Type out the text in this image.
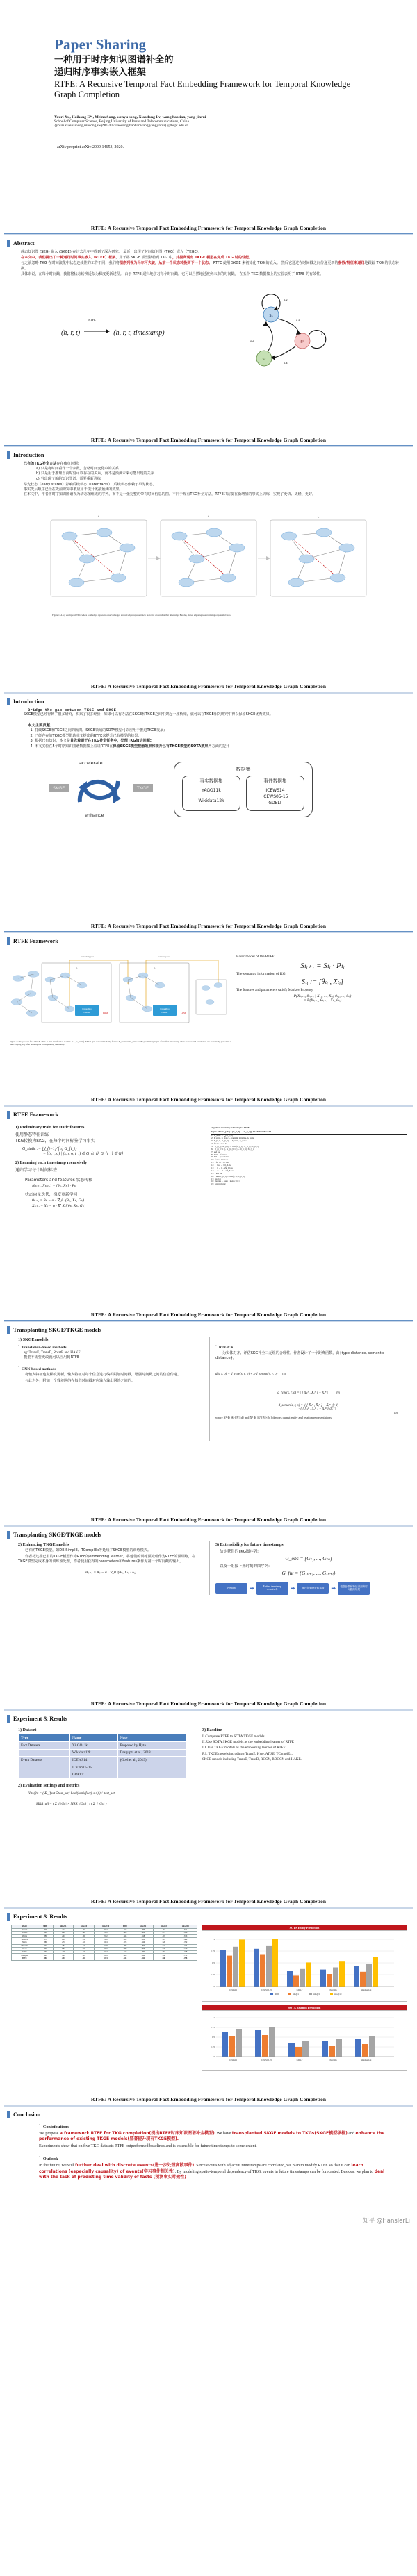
Paper Sharing
一种用于时序知识图谱补全的
递归时序事实嵌入框架
RTFE: A Recursive Temporal Fact Embedding Framework for Temporal Knowledge Graph Completion
Youri Xu, Haihong E* , Meina Song, wenyu song, Xiaodong Lv, wang haotian, yang jinrui
School of Computer Science, Beijing University of Posts and Telecommunications, China
{youri.xu,ehaihong,mnsong,swy9834,lvxiaodong,haotianwang,yangjinrui} @bupt.edu.cn
arXiv preprint arXiv:2009.14653, 2020.
RTFE: A Recursive Temporal Fact Embedding Framework for Temporal Knowledge Graph Completion
Abstract

静态知识图 (SKG) 嵌入 (SKGE) 在过去几年中得到了深入研究。 最近，出现了时间知识图（TKG）嵌入（TKGE）。

在本文中，我们提出了一种递归时间事实嵌入（RTFE）框架，用于将 SKGE 模型移植到 TKG 中，并提高现有 TKGE 模型在完成 TKG 时的性能。

与之前忽略 TKG 在时间演化中状态连续性的工作不同，我们将图序列视为马尔可夫链，从前一个状态转换到下一个状态。 RTFE 使用 SKGE 来初始化 TKG 的嵌入。 然后它通过在时间戳之间传递更新的参数/特征来递归地跟踪 TKG 的状态转换。

具体来说，在每个时间戳，我们将状态转换近似为梯度更新过程。 由于 RTFE 递归地学习每个时间戳，它可以自然地过渡到未来的时间戳。 在五个 TKG 数据集上的实验表明了 RTFE 的有效性。

(h, r, t)
RTFE
(h, r, t, timestamp)
Sₐ
Sᵇ
Sᶜ
0.2
0.8
0.6
0.4
0.3
RTFE: A Recursive Temporal Fact Embedding Framework for Temporal Knowledge Graph Completion
Introduction

已有的TKG补全方法存在痛点问题:

a) 只是将时间看作一个参数，忽略时间变化中的关系
b) 只是用于推理当前时刻可以存在的关系，而不是预测未来可能出现的关系
c) 当出现了新的知识图谱，需要重新训练

早先状态（early states）影响后续状态（later facts），后续状态依赖于早先状态。

事实先后顺序已经在先前研究中被应用于提升链接预测的效果。

在本文中，作者将时序知识图谱视为动态图组成的序列，而不是一张完整的带有时间信息的图。不同于现有TKG补全方法，RTFE只需要在新增加的事实上训练，实现了更快、更轻、更好。

t₁	t₂	t₃
Figure 1: A toy example of TKG where solid edges represent observed edges and red edges represent new facts that occurred at that timestamp. Besides, dotted edges represent missing or potential facts.
RTFE: A Recursive Temporal Fact Embedding Framework for Temporal Knowledge Graph Completion
Introduction
· Bridge the gap between TKGE and SKGE

SKGE模型已经得到了很多研究，积累了很多经验，如果可以有办法在SKGE和TKGE之间中架起一座桥梁，就可以在TKGE相关研究中得以保留SKGE优秀效果。

· 本文主要贡献
1. 打破SKGE和TKGE之间的隔阂，SKGE领域的SOTA模型可以应用于推进TKGE发展;
2. 已经存在的TKGE模型借助本文提出的RTFE来提升已有模型的效果;
3. 根据已有知识，本文是首先着眼于在TKG补全任务中，处理TKG演进问题;
4. 本文实验在5个时序知识图谱数据集上验证RTFE在保留SKGE模型接触效果和提升已有TKGE模型的SOTA效果两方面的提升
accelerate
SKGE	TKGE
enhance
数据集
事实数据集
YAGO11k
Wikidata12k
事件数据集
ICEWS14
ICEWS05-15
GDELT
RTFE: A Recursive Temporal Fact Embedding Framework for Temporal Knowledge Graph Completion
RTFE Framework
recursively pass	recursively pass
t₁	t₂
Embedding
Learner	LOSS
Embedding
Learner	LOSS
Figure 2: The process for t-SKGE. TKG is first transformed to SKG (i.e., G_static). SKGE gets static embedding feature X_static and θ_static as the preliminary input of the first timestamp. Then features and parameters are recursively passed in a time-varying way after learning the corresponding timestamp.
Basic model of the RTFE:
Sₜᵢ₊₁ = Sₜᵢ · Pₜᵢ
The semantic information of KG:
Sₜᵢ := [θₜᵢ , Xₜᵢ]
The features and parameters satisfy Markov Property
P(Xₜᵢ₊₁, θₜᵢ₊₁ | Xₜ₁, ..., Xₜᵢ; θₜ₁, ..., θₜᵢ)
= P(Xₜᵢ₊₁, θₜᵢ₊₁ | Xₜᵢ, θₜᵢ)
RTFE: A Recursive Temporal Fact Embedding Framework for Temporal Knowledge Graph Completion
RTFE Framework
1) Preliminary train for static features
使用静态特征训练
TKG转换为SKG，在每个时间标签学习事实
G_static := ⋃_{i=1}^{n} G_{t_i}
= {(s, r, o) | (s, r, o, t_i) ∈ G_{t_i}, G_{t_i} ∈ G}
2) Learning each timestamp recursively
递归学习每个时间标签
Parameters and features 状态转移
[θₜᵢ₊₁, Xₜᵢ₊₁] = [θₜᵢ, Xₜᵢ] · Pₜᵢ
状态向量迭代，梯度更新学习
θₜᵢ₊₁ = θₜᵢ − α · ∇_θ l(θₜᵢ, Xₜᵢ, Gₜᵢ)
Xₜᵢ₊₁ = Xₜᵢ − α · ∇_X l(θₜᵢ, Xₜᵢ, Gₜᵢ)
Algorithm 1 training and testing for RTFE
Input: TKG G_{obs} = {G_{t_1}, ..., G_{t_n}}, SKGE/TKGE model
1:  G_static ← ⋃ G_{t_i}
2:  θ_static, X_static ← random_initialize, G_static
3:  θ_{t_1}, X_{t_1} ← θ_static, X_static
4:  for i = 1 to n do
5:    θ_{t_i}, X_{t_i} ← train(θ_{t_i}, X_{t_i}, G_{t_i})
6:    θ_{t_{i+1}}, X_{t_{i+1}} ← θ_{t_i}, X_{t_i}
7:  end for
8:  X^0 ← features
9:  θ^0 ← parameters
10:  for i = 1 to n do
11:    for t = 1 to T do
12:      loss ← l(θ, X, G)
13:      θ ← θ − α∇_θ loss
14:      X ← X − α∇_X loss
15:    end for
16:    metric_{t_i} ← test(θ, X, G_{t_i})
17:  end for
18:  metrics ← sum_i metric_{t_i}
19:  return metric
RTFE: A Recursive Temporal Fact Embedding Framework for Temporal Knowledge Graph Completion
Transplanting SKGE/TKGE models
1) SKGE models
· Translation-based methods
eg: TransE, TransD, RotatE and HAKE
模型不需要更改就可以应用到RTFE
· GNN-based methods

将输入特征也做梯度更新，输入特征对每个信息进行编码附加时间戳，增强时间戳之间的信息传递。

与此之外，附加一个残差网络在每个时间戳对应输入输出网络之间的。

· RDGCN

为实体对齐、评估SKG补全三元组的合理性，作者设计了一个距离函数，由{type distance, semantic distance}。

d(s, r, o) = d_type(s, r, o) + λ·d_seman(s, r, o) (8)
d_type(s, r, o) = | [ X̄ₛᴱ , X̄ₒᴱ ] − X̄ᵣᴿ |	(9)
d_seman(s, r, o) = |( [ X̄ₛᴱ , X̄ₒᴱ ] − X̄ᵣᴿ )[: d]
−( [ X̄ₛᴱ , X̄ₒᴱ ] − X̄ᵣᴿ )[d :]|
(10)
where X̄ᴱ ∈ ℝ^{|V|×d} and X̄ᴿ ∈ ℝ^{|V|×2d} denotes output entity and relation representations.
RTFE: A Recursive Temporal Fact Embedding Framework for Temporal Knowledge Graph Completion
Transplanting SKGE/TKGE models
2) Enhancing TKGE models

已有的TKGE模型，如DE-SimplE、TComplEx等延续了SKGE模型的训练模式。

作者将这些已有的TKGE模型作为RTFE的embedding learner。将他们的训练预处理作为RTFE的预训练，在TKGE模型完成本身的训练预处理，作者使用获得的parameters和features案作为第一个时间戳的输出。

θₜᵢ₊₁ = θₜᵢ − α · ∇_θ l(θₜᵢ, Xₜᵢ, Gₜᵢ)
3) Extensibility for future timestamps
给定获得的TKG图序列:
G_obs = {Gₜ₁, ..., Gₜₙ}
以及一组接下来时刻的图序列:
G_fut = {Gₜₙ₊₁, ..., Gₜₙ₊ⱼ}
Pretrain	➡	Embed timestamp recursively	➡	递归得到特征和参数	➡	根据参数和特征得到该时间戳的结果
RTFE: A Recursive Temporal Fact Embedding Framework for Temporal Knowledge Graph Completion
Experiment & Results
1) Dataset
Type	Name	Note
Fact Datasets	YAGO11k	Proposed by Hyte
	Wikidata12k	Dasgupta et al., 2018
Event Datasets	ICEWS14	(Goel et al., 2019)
	ICEWS05-15	
	GDELT	
2) Evaluation settings and metrics
Hits@n = ( Σ_{fact∈test_set} bool(rank(fact) ≤ n) ) / |test_set|
MRR_all = ( Σ_i |Gₜᵢ| × MRR_{Gₜᵢ} ) / ( Σ_i |Gₜᵢ| )
3) Baseline
I. Comprare RTFE to SOTA TKGE models
II. Use SOTA SKGE models as the embedding learner of RTFE
III. Use TKGE models as the embedding learner of RTFE
P.S. TKGE models including t-TransE, Hyte, ATiSE, TComplEx.
SKGE models including TransE, TransD, RGCN, RDGCN and HAKE.
RTFE: A Recursive Temporal Fact Embedding Framework for Temporal Knowledge Graph Completion
Experiment & Results
Model	MRR	Hits@1	Hits@3	Hits@10	MRR	Hits@1	Hits@3	Hits@10
TransE	.326	.212	.364	.532	.412	.289	.463	.641
TransD	.341	.229	.382	.551	.428	.301	.479	.658
RGCN	.358	.243	.399	.572	.446	.318	.497	.673
RDGCN	.371	.256	.412	.588	.459	.331	.511	.689
HAKE	.389	.271	.431	.604	.473	.344	.528	.702
t-TransE	.402	.284	.446	.618	.487	.357	.541	.714
HyTE	.416	.297	.459	.631	.498	.369	.553	.726
ATiSE	.431	.311	.473	.644	.512	.382	.567	.738
TComplEx	.447	.326	.489	.659	.528	.396	.582	.751
RTFE	.463	.341	.506	.674	.544	.411	.598	.766
SOTA Entity Prediction
1
0.75
0.5
0.25
0
ICEWS14	ICEWS05-15	GDELT	YAGO11k	Wikidata12k
MRR	Hits@1	Hits@3	Hits@10
SOTA Relation Prediction
1
0.75
0.5
0.25
0
ICEWS14	ICEWS05-15	GDELT	YAGO11k	Wikidata12k
RTFE: A Recursive Temporal Fact Embedding Framework for Temporal Knowledge Graph Completion
Conclusion
· Contributions

We propose a framework RTFE for TKG completion(提出RTFE时序知识图谱补全模型). We have transplanted SKGE models to TKGs(SKGE模型移植) and enhance the performance of existing TKGE models(显著提升现有TKGE模型).

Experiments show that on five TKG datasets RTFE outperformed baselines and is extensible for future timestamps to some extent.

· Outlook

In the future, we will further deal with discrete events(进一步处理离散事件). Since events with adjacent timestamps are correlated, we plan to modify RTFE so that it can learn correlations (especially causality) of events(学习事件相关性). By modeling spatio-temporal dependency of TKG, events in future timestamps can be forecasted. Besides, we plan to deal with the task of predicting time validity of facts (预测事实时效性)

知乎 @HanslerLi
